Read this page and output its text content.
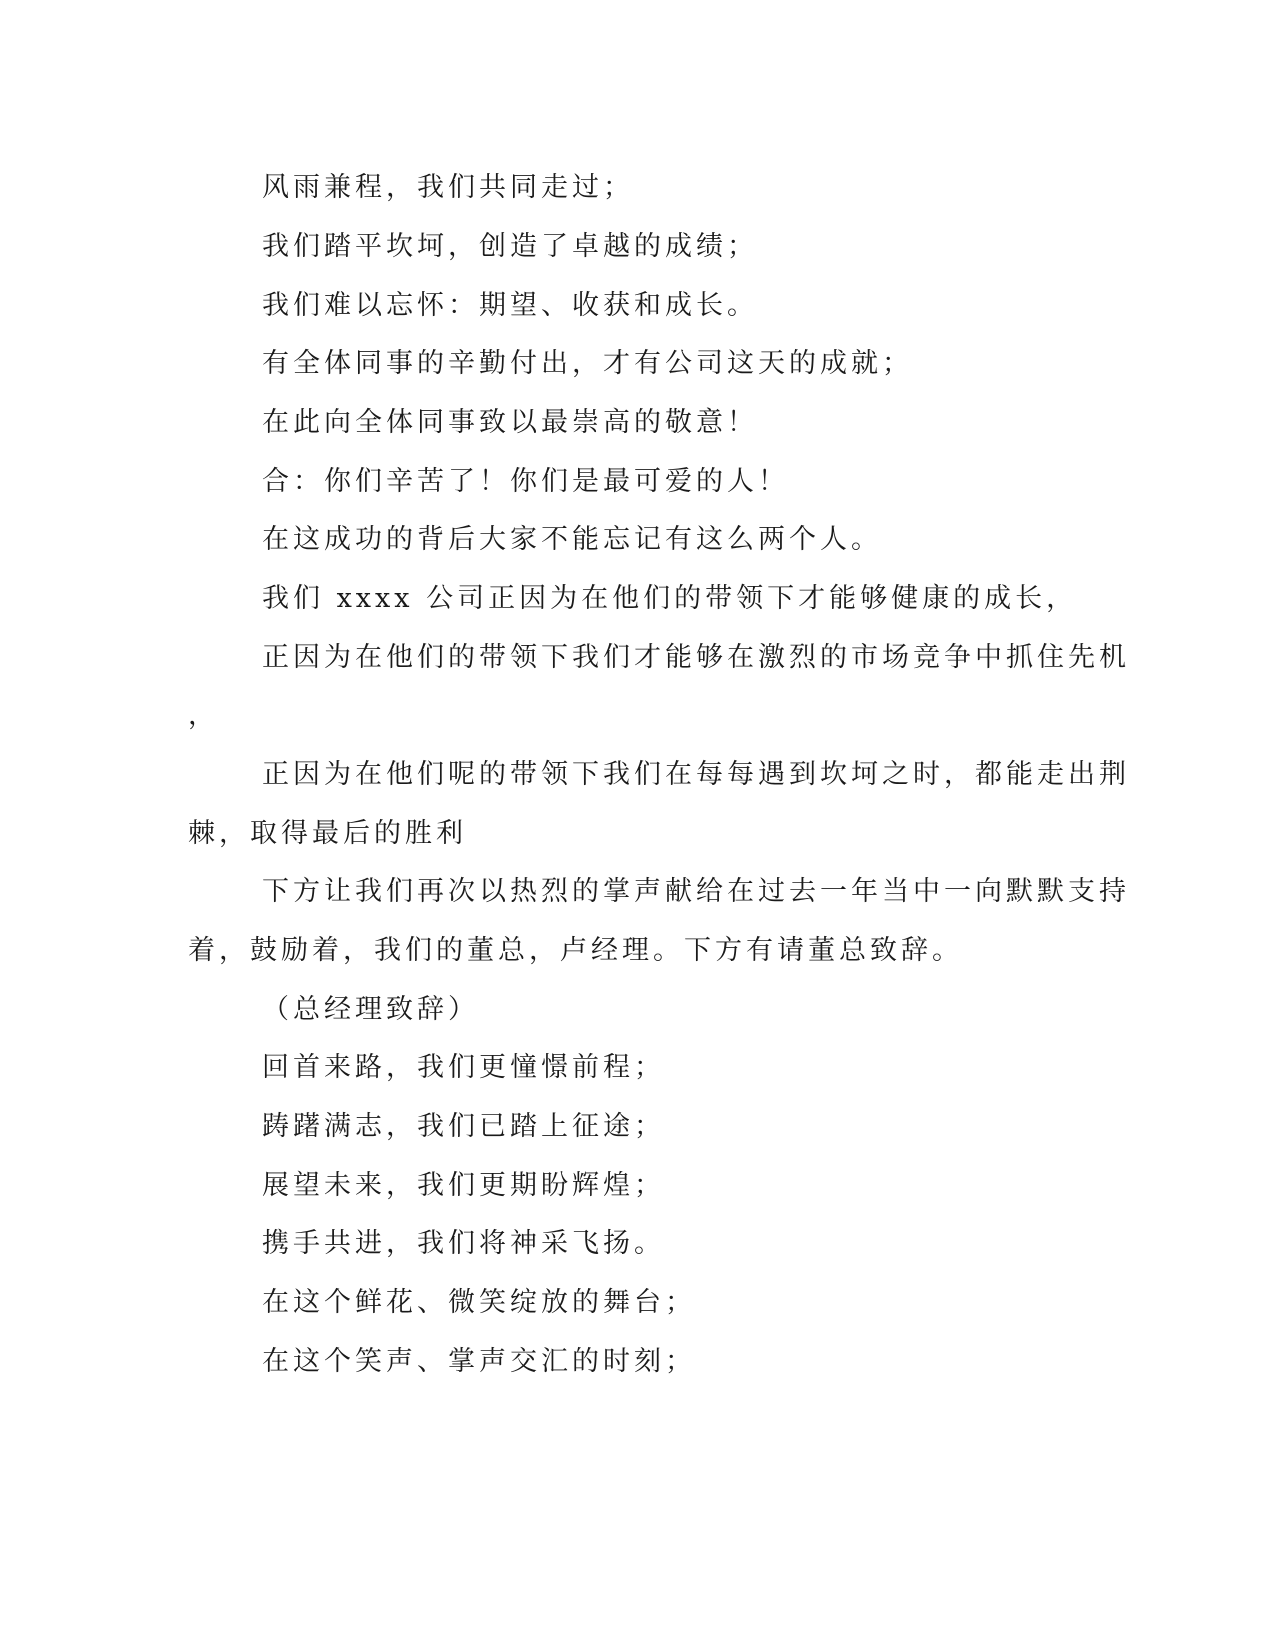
风雨兼程，我们共同走过；
我们踏平坎坷，创造了卓越的成绩；
我们难以忘怀：期望、收获和成长。
有全体同事的辛勤付出，才有公司这天的成就；
在此向全体同事致以最崇高的敬意！
合：你们辛苦了！你们是最可爱的人！
在这成功的背后大家不能忘记有这么两个人。
我们 xxxx 公司正因为在他们的带领下才能够健康的成长，
正因为在他们的带领下我们才能够在激烈的市场竞争中抓住先机
，
正因为在他们呢的带领下我们在每每遇到坎坷之时，都能走出荆
棘，取得最后的胜利
下方让我们再次以热烈的掌声献给在过去一年当中一向默默支持
着，鼓励着，我们的董总，卢经理。下方有请董总致辞。
（总经理致辞）
回首来路，我们更憧憬前程；
踌躇满志，我们已踏上征途；
展望未来，我们更期盼辉煌；
携手共进，我们将神采飞扬。
在这个鲜花、微笑绽放的舞台；
在这个笑声、掌声交汇的时刻；
